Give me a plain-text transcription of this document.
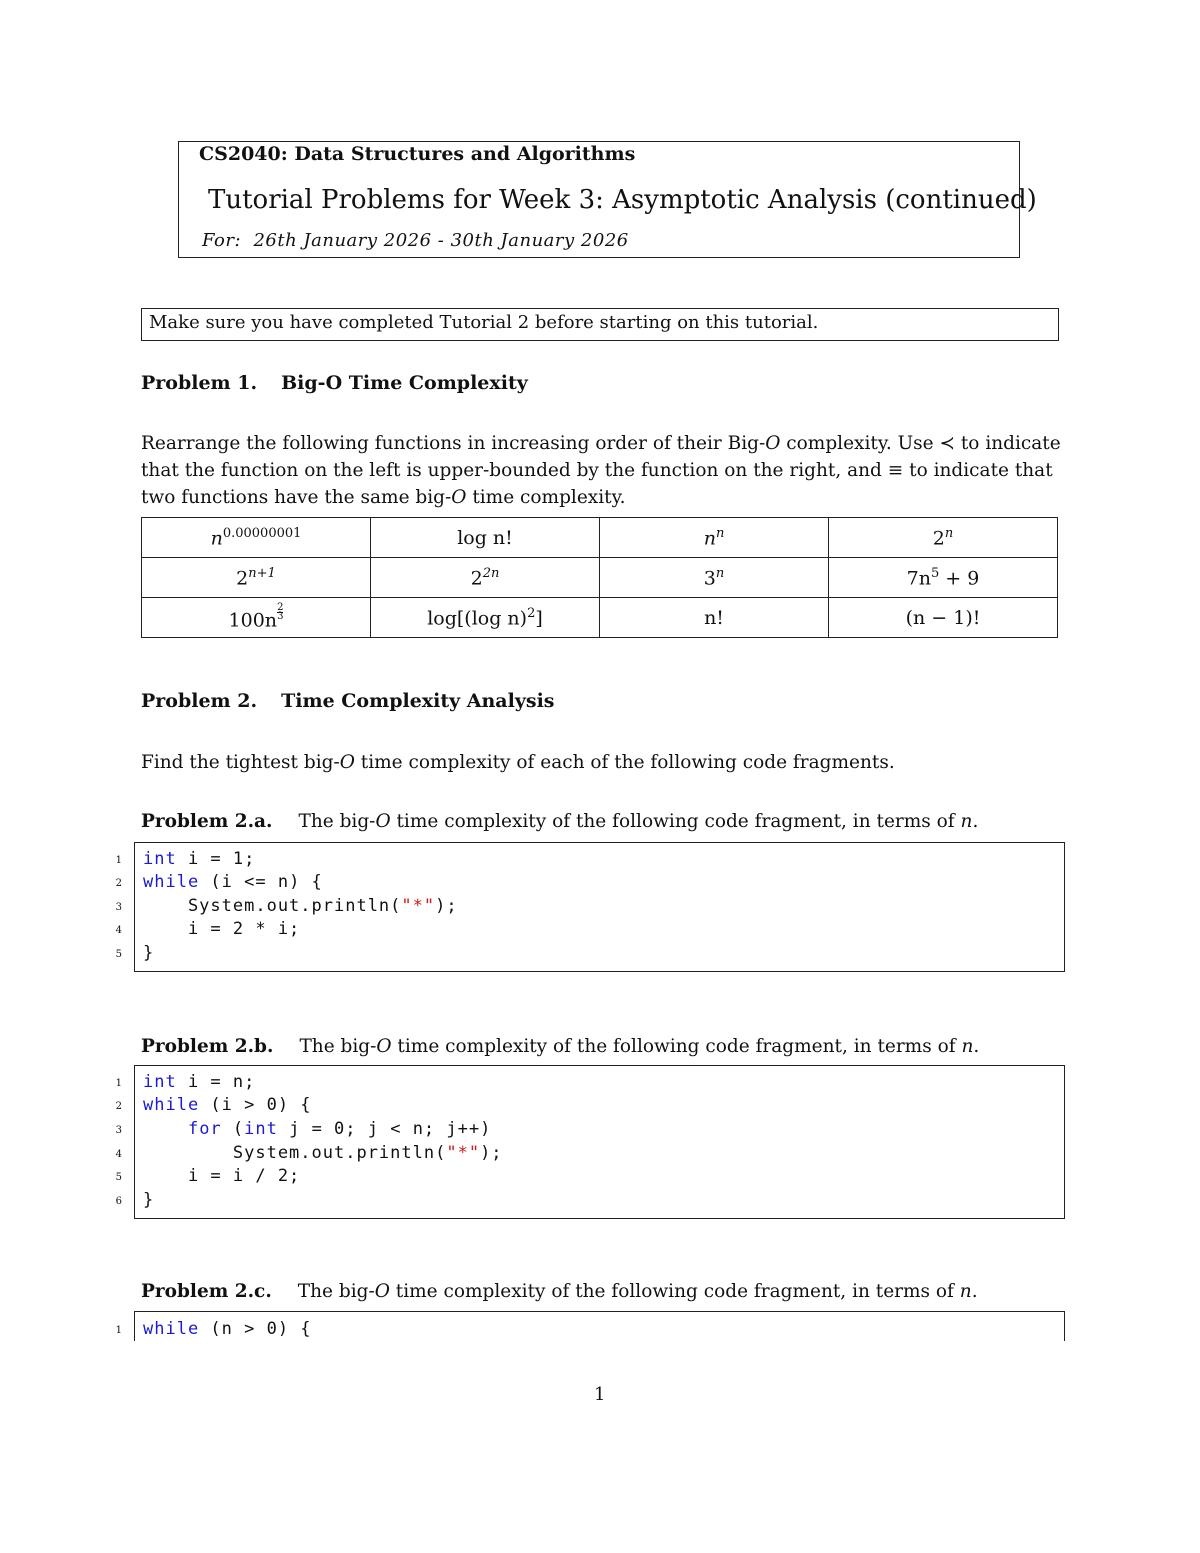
CS2040: Data Structures and Algorithms
Tutorial Problems for Week 3: Asymptotic Analysis (continued)
For:  26th January 2026 - 30th January 2026
Make sure you have completed Tutorial 2 before starting on this tutorial.
Problem 1. Big-O Time Complexity
Rearrange the following functions in increasing order of their Big-O complexity. Use ≺ to indicate
that the function on the left is upper-bounded by the function on the right, and ≡ to indicate that
two functions have the same big-O time complexity.
$n^{0.00000001}$	log n!	$n^n$	2$^n$
$2^{n+1}$	$2^{2n}$	3$^n$	$7n^5 + 9$
$100n \frac{2}{3}$	log[(log n)$^2$]	n!	(n − 1)!
Problem 2. Time Complexity Analysis
Find the tightest big-O time complexity of each of the following code fragments.
Problem 2.a. The big-O time complexity of the following code fragment, in terms of n.
1
2
3
4
5
int i = 1;
while (i <= n) {
System.out.println("*");
i = 2 * i;
}
Problem 2.b. The big-O time complexity of the following code fragment, in terms of n.
1
2
3
4
5
6
int i = n;
while (i > 0) {
for (int j = 0; j < n; j++)
System.out.println("*");
i = i / 2;
}
Problem 2.c. The big-O time complexity of the following code fragment, in terms of n.
1 while (n > 0) {
1
